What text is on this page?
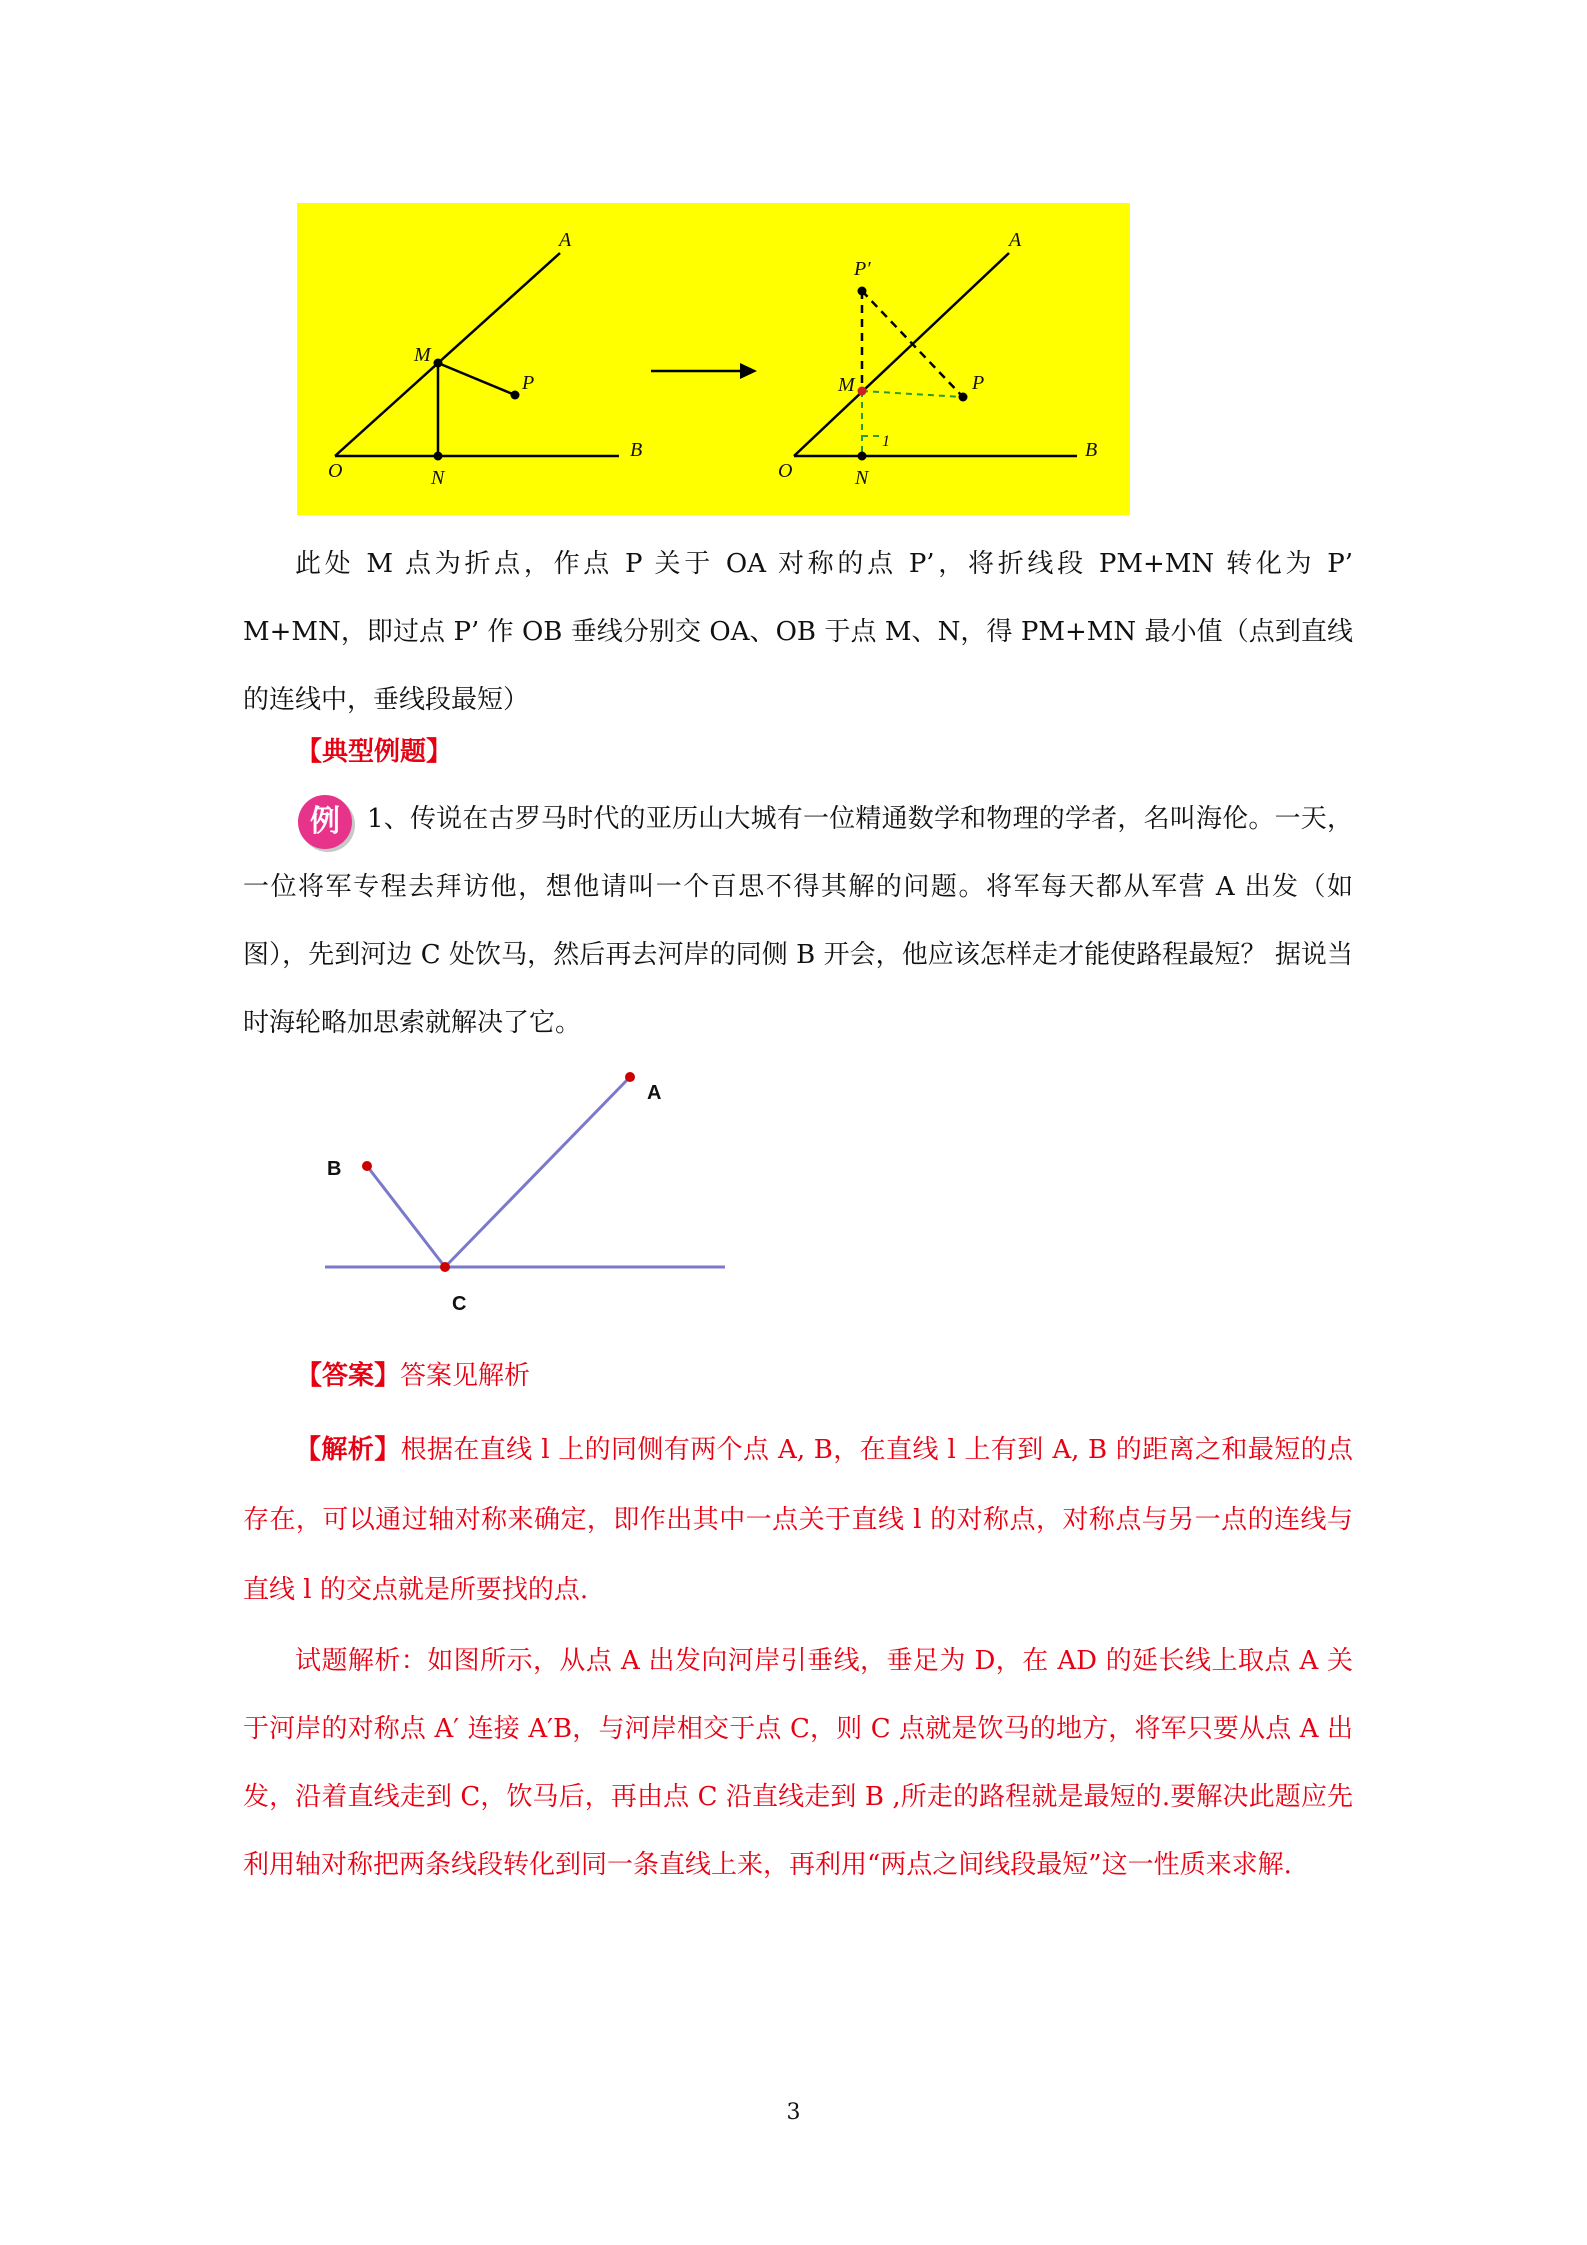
A
M
P
O	N
B
A
P′
M	P
1
O	N
B
此处 M 点为折点，作点 P 关于 OA 对称的点 P’，将折线段 PM+MN 转化为 P’ M+MN，即过点 P’ 作 OB 垂线分别交 OA、OB 于点 M、N，得 PM+MN 最小值（点到直线的连线中，垂线段最短）
【典型例题】
例	1、传说在古罗马时代的亚历山大城有一位精通数学和物理的学者，名叫海伦。一天，一位将军专程去拜访他，想他请叫一个百思不得其解的问题。将军每天都从军营 A 出发（如图），先到河边 C 处饮马，然后再去河岸的同侧 B 开会，他应该怎样走才能使路程最短？ 据说当时海轮略加思索就解决了它。
A
B
C
【答案】答案见解析
【解析】根据在直线 l 上的同侧有两个点 A, B，在直线 l 上有到 A, B 的距离之和最短的点存在，可以通过轴对称来确定，即作出其中一点关于直线 l 的对称点，对称点与另一点的连线与直线 l 的交点就是所要找的点.
试题解析：如图所示，从点 A 出发向河岸引垂线，垂足为 D，在 AD 的延长线上取点 A 关于河岸的对称点 A′ 连接 A′B，与河岸相交于点 C，则 C 点就是饮马的地方，将军只要从点 A 出发，沿着直线走到 C，饮马后，再由点 C 沿直线走到 B ,所走的路程就是最短的.要解决此题应先利用轴对称把两条线段转化到同一条直线上来，再利用“两点之间线段最短”这一性质来求解.
3
